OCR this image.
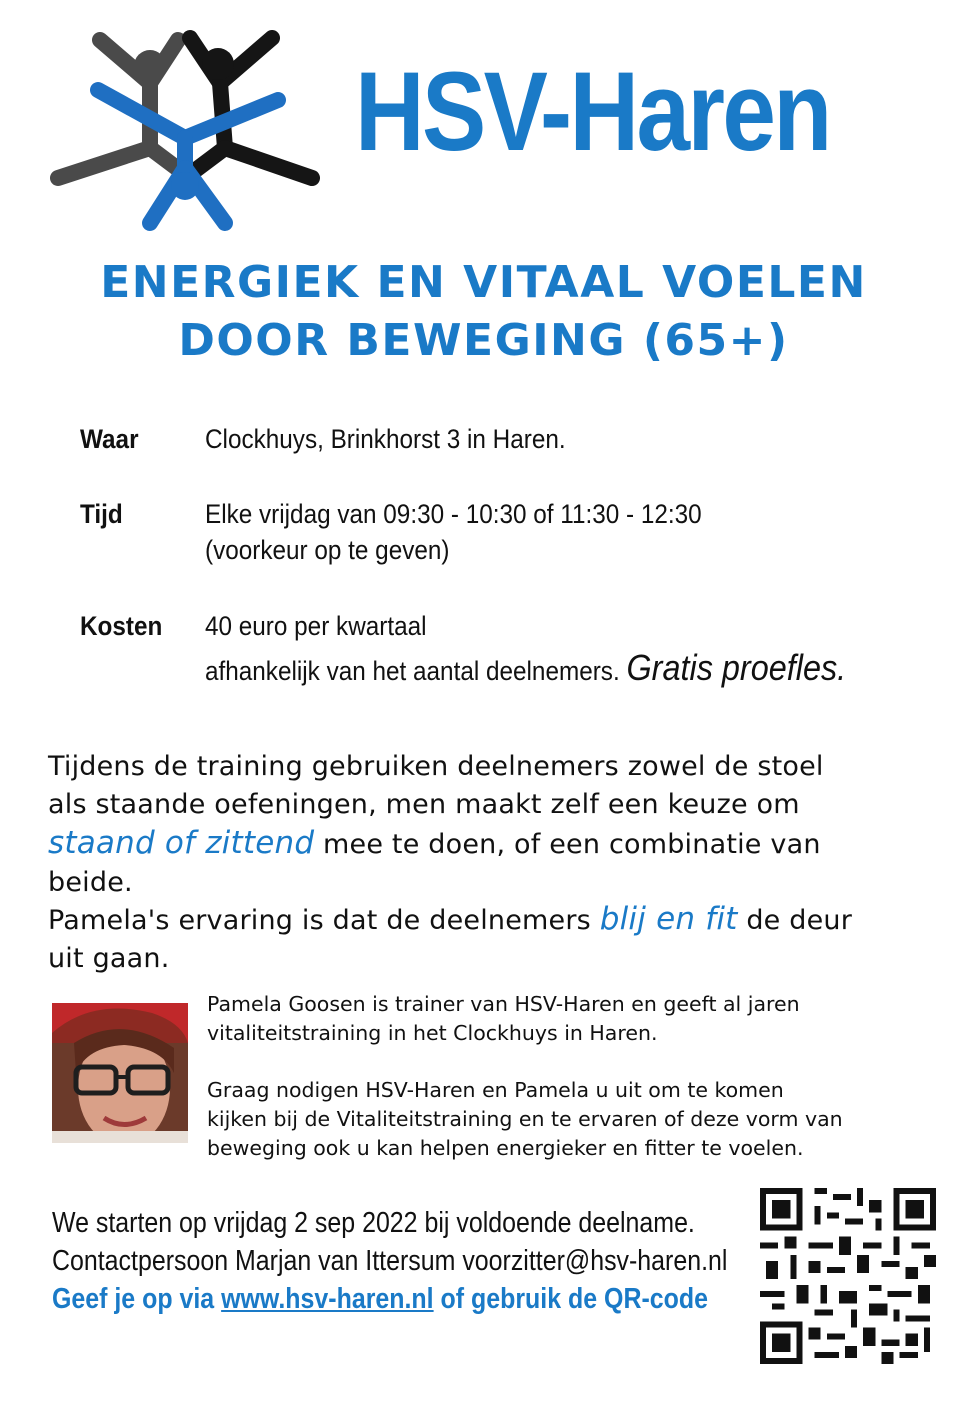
HSV-Haren
ENERGIEK EN VITAAL VOELEN
DOOR BEWEGING (65+)
Waar Clockhuys, Brinkhorst 3 in Haren.
Tijd	Elke vrijdag van 09:30 - 10:30 of 11:30 - 12:30
(voorkeur op te geven)
Kosten 40 euro per kwartaal
afhankelijk van het aantal deelnemers. Gratis proefles.
Tijdens de training gebruiken deelnemers zowel de stoel
als staande oefeningen, men maakt zelf een keuze om
staand of zittend mee te doen, of een combinatie van
beide.
Pamela's ervaring is dat de deelnemers blij en fit de deur
uit gaan.
Pamela Goosen is trainer van HSV-Haren en geeft al jaren
vitaliteitstraining in het Clockhuys in Haren.
Graag nodigen HSV-Haren en Pamela u uit om te komen
kijken bij de Vitaliteitstraining en te ervaren of deze vorm van
beweging ook u kan helpen energieker en fitter te voelen.
We starten op vrijdag 2 sep 2022 bij voldoende deelname.
Contactpersoon Marjan van Ittersum voorzitter@hsv-haren.nl
Geef je op via www.hsv-haren.nl of gebruik de QR-code
